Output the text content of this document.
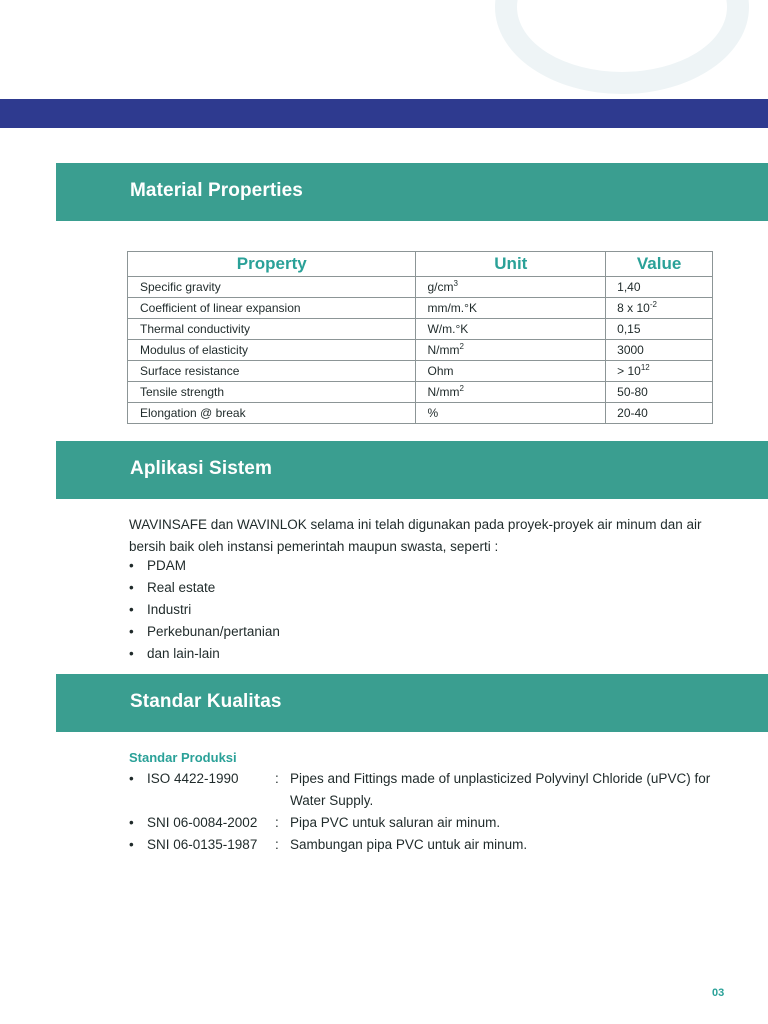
Material Properties
Property	Unit	Value
Specific gravity	$g/cm^3$	1,40
Coefficient of linear expansion	mm/m.°K	8 x $10^{-2}$
Thermal conductivity	W/m.°K	0,15
Modulus of elasticity	$N/mm^2$	3000
Surface resistance	Ohm	> $10^{12}$
Tensile strength	$N/mm^2$	50-80
Elongation @ break	%	20-40
Aplikasi Sistem
WAVINSAFE dan WAVINLOK selama ini telah digunakan pada proyek-proyek air minum dan air bersih baik oleh instansi pemerintah maupun swasta, seperti :
• PDAM
• Real estate
• Industri
• Perkebunan/pertanian
• dan lain-lain
Standar Kualitas
Standar Produksi
• ISO 4422-1990	: Pipes and Fittings made of unplasticized Polyvinyl Chloride (uPVC) for Water Supply.
• SNI 06-0084-2002	: Pipa PVC untuk saluran air minum.
• SNI 06-0135-1987	: Sambungan pipa PVC untuk air minum.
03
